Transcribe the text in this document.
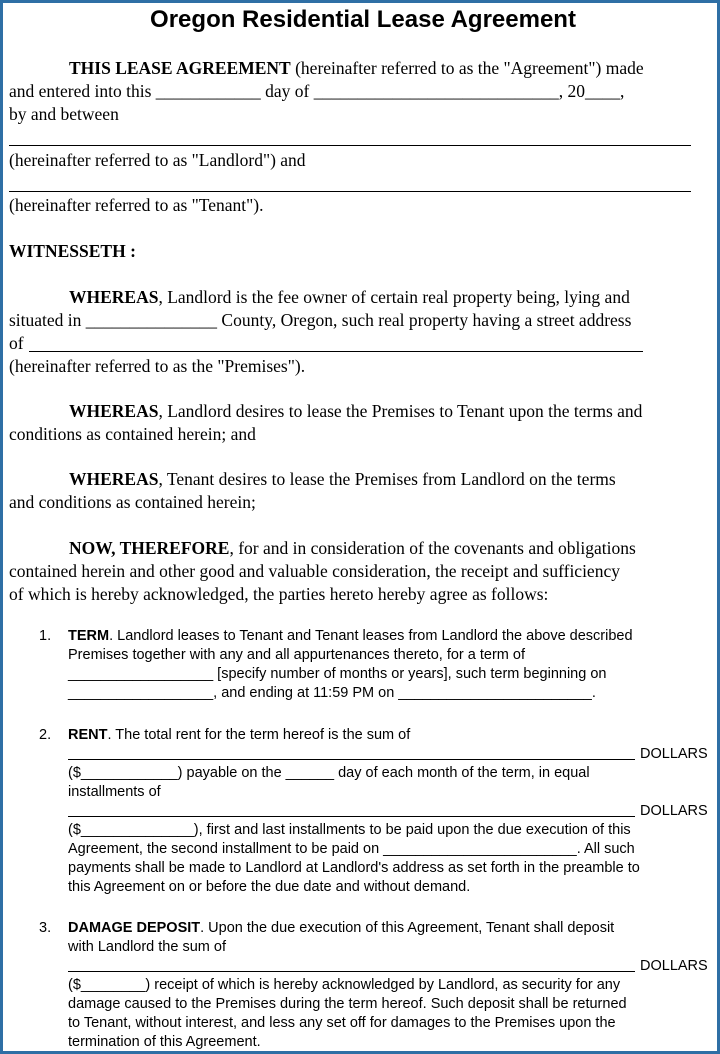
Oregon Residential Lease Agreement
THIS LEASE AGREEMENT (hereinafter referred to as the "Agreement") made
and entered into this ____________ day of ____________________________, 20____,
by and between
(hereinafter referred to as "Landlord") and
(hereinafter referred to as "Tenant").
WITNESSETH :
WHEREAS, Landlord is the fee owner of certain real property being, lying and
situated in _______________ County, Oregon, such real property having a street address
of
(hereinafter referred to as the "Premises").
WHEREAS, Landlord desires to lease the Premises to Tenant upon the terms and
conditions as contained herein; and
WHEREAS, Tenant desires to lease the Premises from Landlord on the terms
and conditions as contained herein;
NOW, THEREFORE, for and in consideration of the covenants and obligations
contained herein and other good and valuable consideration, the receipt and sufficiency
of which is hereby acknowledged, the parties hereto hereby agree as follows:
1. TERM. Landlord leases to Tenant and Tenant leases from Landlord the above described
Premises together with any and all appurtenances thereto, for a term of
__________________ [specify number of months or years], such term beginning on
__________________, and ending at 11:59 PM on ________________________.
2. RENT. The total rent for the term hereof is the sum of
DOLLARS
($____________) payable on the ______ day of each month of the term, in equal
installments of
DOLLARS
($______________), first and last installments to be paid upon the due execution of this
Agreement, the second installment to be paid on ________________________. All such
payments shall be made to Landlord at Landlord's address as set forth in the preamble to
this Agreement on or before the due date and without demand.
3. DAMAGE DEPOSIT. Upon the due execution of this Agreement, Tenant shall deposit
with Landlord the sum of
DOLLARS
($________) receipt of which is hereby acknowledged by Landlord, as security for any
damage caused to the Premises during the term hereof. Such deposit shall be returned
to Tenant, without interest, and less any set off for damages to the Premises upon the
termination of this Agreement.
